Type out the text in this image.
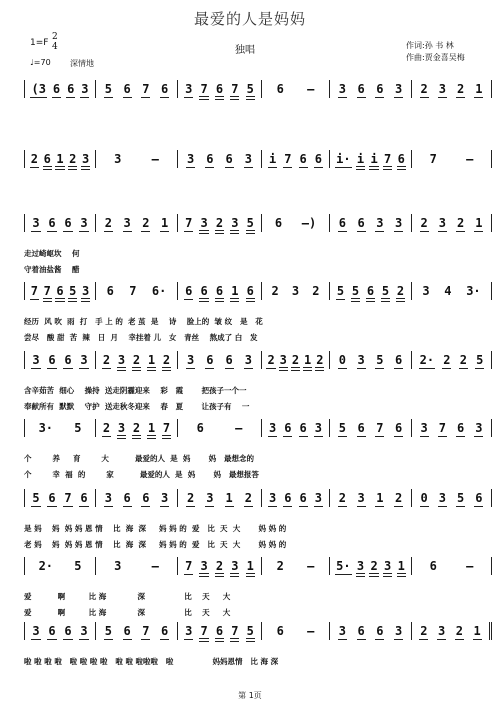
最爱的人是妈妈
1=F
2
4
♩=70 深情地
独唱	作词:孙 书 林
作曲:贾金喜吴梅
(3 6 6 3 5 6 7 6 3 7 6 7 5 6 – 3 6 6 3 2 3 2 1
2 6 1 2 3 3	– 3 6 6 3 i 7 6 6 i· i i 7 6 7 –
3 6 6 3 2 3 2 1 7 3 2 3 5 6 –) 6 6 3 3 2 3 2 1
走过崎岖坎    何
守着油盐酱    醋
7 7 6 5 3 6 7 6· 6 6 6 1 6 2 3 2 5 5 6 5 2 3 4 3·
经历  风 吹  雨  打   手 上 的  老 茧  是    诗    脸上的  皱 纹   是   花
尝尽   酸 甜  苦  辣   日  月    幸挂着 儿   女   青丝    熬成了 白   发
3 6 6 3 2 3 2 1 2 3 6 6 3 2 3 2 1 2 0 3 5 6 2· 2 2 5
含辛茹苦  细心    操持  送走阴霾迎来    彩   霞       把孩子一个一
奉献所有  默默    守护  送走秋冬迎来    春   夏       让孩子有    一
3· 5 2 3 2 1 7 6	– 3 6 6 3 5 6 7 6 3 7 6 3
个        养     育        大          最爱的人  是  妈       妈   最想念的
个        幸  福  的        家          最爱的人  是  妈       妈   最想报答
5 6 7 6 3 6 6 3 2 3 1 2 3 6 6 3 2 3 1 2 0 3 5 6
是 妈    妈  妈 妈 恩 情    比  海  深     妈 妈 的  爱   比  天  大       妈 妈 的
老 妈    妈  妈 妈 恩 情    比  海  深     妈 妈 的  爱   比  天  大       妈 妈 的
2· 5	3	– 7 3 2 3 1 2 – 5· 3 2 3 1 6 –
爱          啊         比 海            深               比    天     大
爱          啊         比 海            深               比    天     大
3 6 6 3 5 6 7 6 3 7 6 7 5 6 – 3 6 6 3 2 3 2 1
啦 啦 啦 啦   啦 啦 啦 啦   啦 啦 啦啦啦   啦               妈妈恩情   比 海 深
第 1页
